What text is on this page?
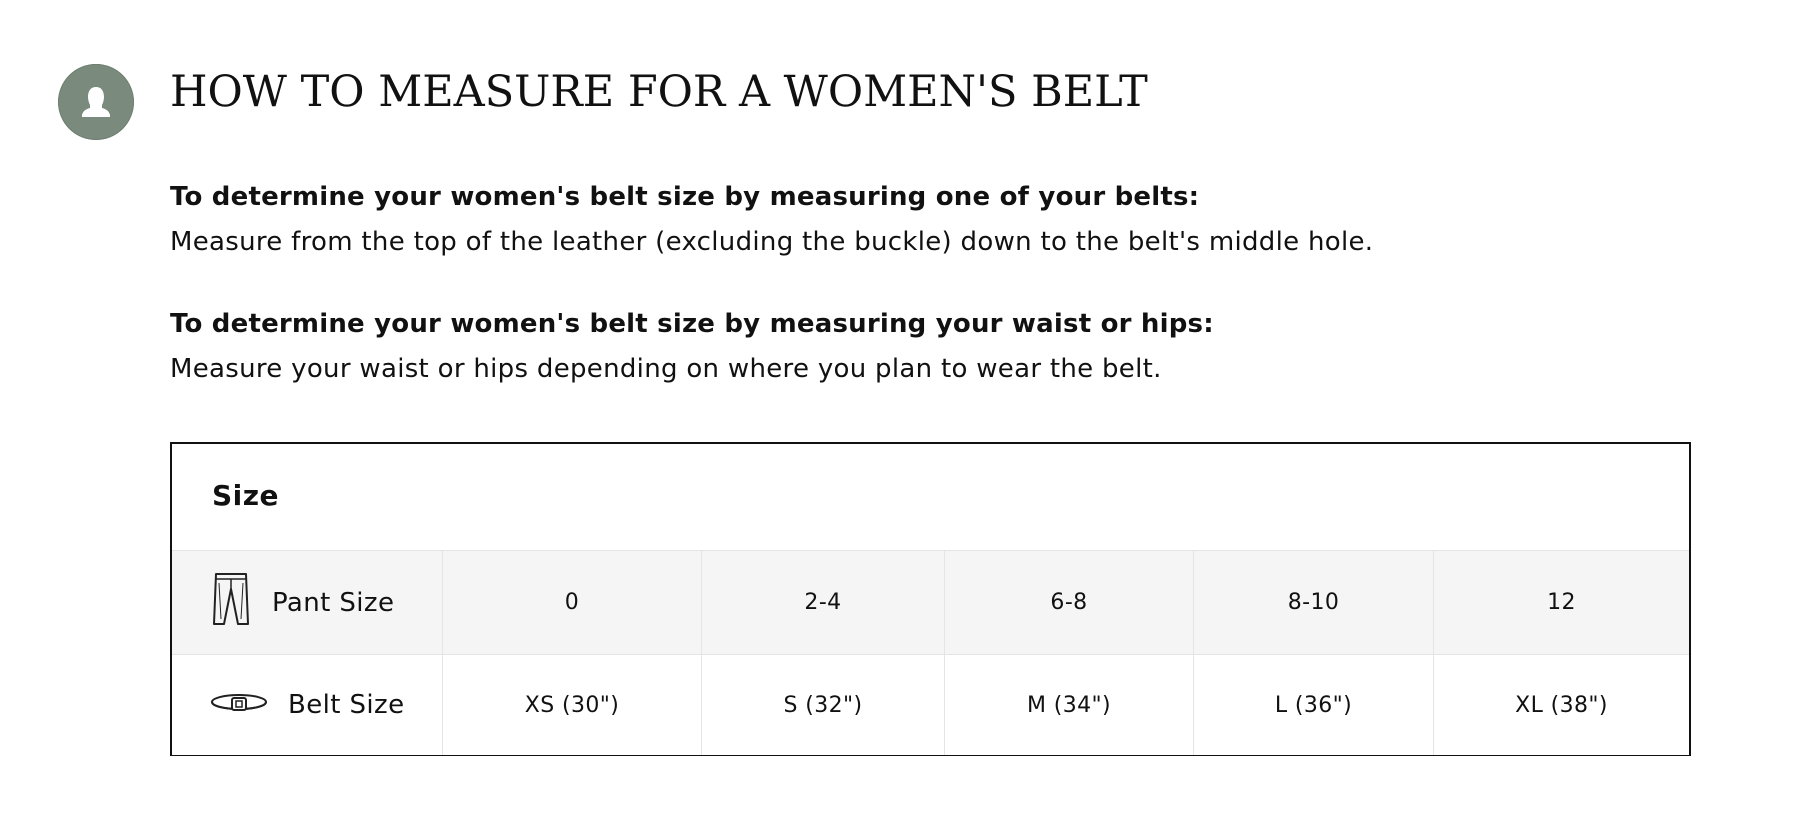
HOW TO MEASURE FOR A WOMEN'S BELT
To determine your women's belt size by measuring one of your belts:
Measure from the top of the leather (excluding the buckle) down to the belt's middle hole.
To determine your women's belt size by measuring your waist or hips:
Measure your waist or hips depending on where you plan to wear the belt.
Size
Pant Size	0	2-4	6-8	8-10	12
Belt Size	XS (30")	S (32")	M (34")	L (36")	XL (38")
